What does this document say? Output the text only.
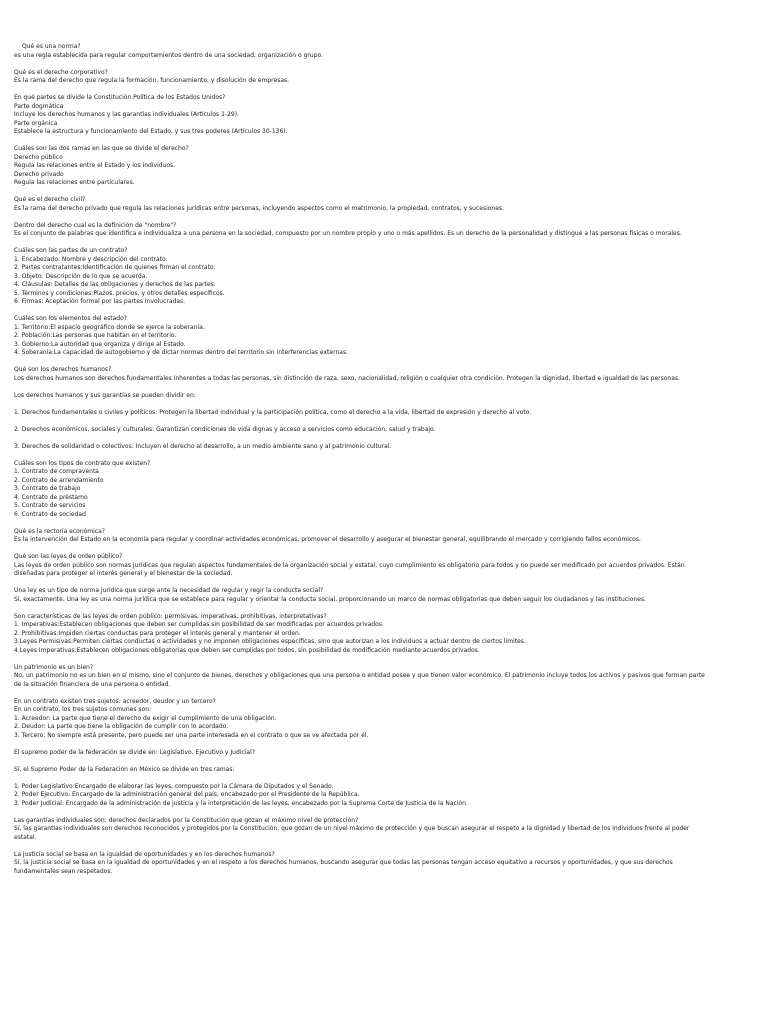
Qué es una norma?
es una regla establecida para regular comportamientos dentro de una sociedad, organización o grupo.
Qué es el derecho corporativo?
Es la rama del derecho que regula la formación, funcionamiento, y disolución de empresas.
En qué partes se divide la Constitución Política de los Estados Unidos?
Parte dogmática
Incluye los derechos humanos y las garantías individuales (Artículos 1-29).
Parte orgánica
Establece la estructura y funcionamiento del Estado, y sus tres poderes (Artículos 30-136).
Cuáles son las dos ramas en las que se divide el derecho?
Derecho público
Regula las relaciones entre el Estado y los individuos.
Derecho privado
Regula las relaciones entre particulares.
Qué es el derecho civil?
Es la rama del derecho privado que regula las relaciones jurídicas entre personas, incluyendo aspectos como el matrimonio, la propiedad, contratos, y sucesiones.
Dentro del derecho cual es la definición de "nombre"?
Es el conjunto de palabras que identifica e individualiza a una persona en la sociedad, compuesto por un nombre propio y uno o más apellidos. Es un derecho de la personalidad y distingue a las personas físicas o morales.
Cuáles son las partes de un contrato?
1. Encabezado: Nombre y descripción del contrato.
2. Partes contratantes:Identificación de quienes firman el contrato.
3. Objeto: Descripción de lo que se acuerda.
4. Cláusulas: Detalles de las obligaciones y derechos de las partes.
5. Términos y condiciones:Plazos, precios, y otros detalles específicos.
6. Firmas: Aceptación formal por las partes involucradas.
Cuáles son los elementos del estado?
1. Territorio:El espacio geográfico donde se ejerce la soberanía.
2. Población:Las personas que habitan en el territorio.
3. Gobierno:La autoridad que organiza y dirige al Estado.
4. Soberanía:La capacidad de autogobierno y de dictar normas dentro del territorio sin interferencias externas.
Qué son los derechos humanos?
Los derechos humanos son derechos fundamentales inherentes a todas las personas, sin distinción de raza, sexo, nacionalidad, religión o cualquier otra condición. Protegen la dignidad, libertad e igualdad de las personas.
Los derechos humanos y sus garantías se pueden dividir en:
1. Derechos fundamentales o civiles y políticos: Protegen la libertad individual y la participación política, como el derecho a la vida, libertad de expresión y derecho al voto.
2. Derechos económicos, sociales y culturales: Garantizan condiciones de vida dignas y acceso a servicios como educación, salud y trabajo.
3. Derechos de solidaridad o colectivos: Incluyen el derecho al desarrollo, a un medio ambiente sano y al patrimonio cultural.
Cuáles son los tipos de contrato que existen?
1. Contrato de compraventa
2. Contrato de arrendamiento
3. Contrato de trabajo
4. Contrato de préstamo
5. Contrato de servicios
6. Contrato de sociedad
Qué es la rectoría económica?
Es la intervención del Estado en la economía para regular y coordinar actividades económicas, promover el desarrollo y asegurar el bienestar general, equilibrando el mercado y corrigiendo fallos económicos.
Qué son las leyes de orden público?
Las leyes de orden público son normas jurídicas que regulan aspectos fundamentales de la organización social y estatal, cuyo cumplimiento es obligatorio para todos y no puede ser modificado por acuerdos privados. Están diseñadas para proteger el interés general y el bienestar de la sociedad.
Una ley es un tipo de norma jurídica que surge ante la necesidad de regular y regir la conducta social?
Sí, exactamente. Una ley es una norma jurídica que se establece para regular y orientar la conducta social, proporcionando un marco de normas obligatorias que deben seguir los ciudadanos y las instituciones.
Son características de las leyes de orden público: permisivas, imperativas, prohibitivas, interpretativas?
1. Imperativas:Establecen obligaciones que deben ser cumplidas sin posibilidad de ser modificadas por acuerdos privados.
2. Prohibitivas:Impiden ciertas conductas para proteger el interés general y mantener el orden.
3.Leyes Permisivas:Permiten ciertas conductas o actividades y no imponen obligaciones específicas, sino que autorizan a los individuos a actuar dentro de ciertos límites.
4.Leyes Imperativas:Establecen obligaciones obligatorias que deben ser cumplidas por todos, sin posibilidad de modificación mediante acuerdos privados.
Un patrimonio es un bien?
No, un patrimonio no es un bien en sí mismo, sino el conjunto de bienes, derechos y obligaciones que una persona o entidad posee y que tienen valor económico. El patrimonio incluye todos los activos y pasivos que forman parte de la situación financiera de una persona o entidad.
En un contrato existen tres sujetos: acreedor, deudor y un tercero?
En un contrato, los tres sujetos comunes son:
1. Acreedor: La parte que tiene el derecho de exigir el cumplimiento de una obligación.
2. Deudor: La parte que tiene la obligación de cumplir con lo acordado.
3. Tercero: No siempre está presente, pero puede ser una parte interesada en el contrato o que se ve afectada por él.
El supremo poder de la federación se divide en: Legislativo, Ejecutivo y Judicial?
Sí, el Supremo Poder de la Federación en México se divide en tres ramas:
1. Poder Legislativo:Encargado de elaborar las leyes, compuesto por la Cámara de Diputados y el Senado.
2. Poder Ejecutivo: Encargado de la administración general del país, encabezado por el Presidente de la República.
3. Poder Judicial: Encargado de la administración de justicia y la interpretación de las leyes, encabezado por la Suprema Corte de Justicia de la Nación.
Las garantías individuales son: derechos declarados por la Constitución que gozan el máximo nivel de protección?
Sí, las garantías individuales son derechos reconocidos y protegidos por la Constitución, que gozan de un nivel máximo de protección y que buscan asegurar el respeto a la dignidad y libertad de los individuos frente al poder estatal.
La justicia social se basa en la igualdad de oportunidades y en los derechos humanos?
Sí, la justicia social se basa en la igualdad de oportunidades y en el respeto a los derechos humanos, buscando asegurar que todas las personas tengan acceso equitativo a recursos y oportunidades, y que sus derechos fundamentales sean respetados.
